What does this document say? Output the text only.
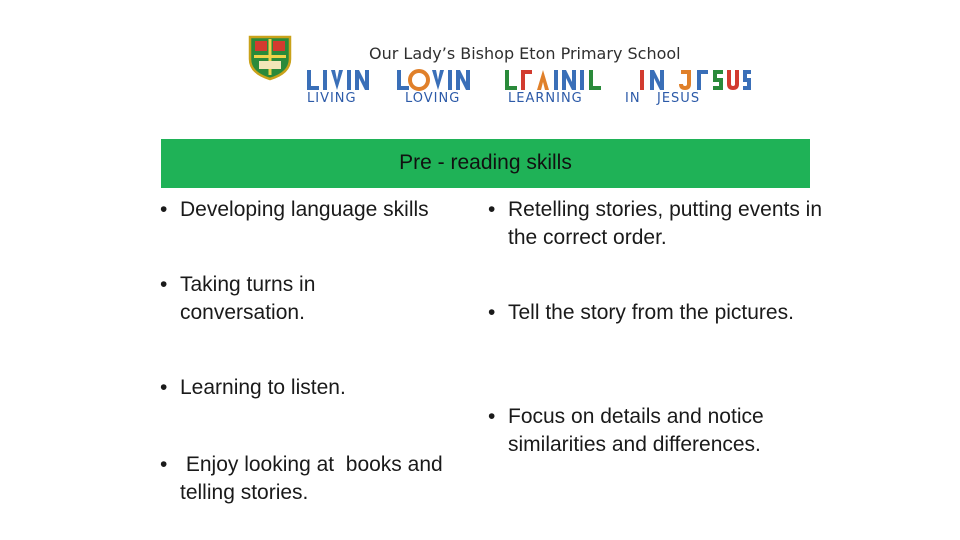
Our Lady’s Bishop Eton Primary School
LIVING	LOVING	LEARNING	IN JESUS
Pre - reading skills
• Developing language skills
• Taking turns in conversation.
• Learning to listen.
• Enjoy looking at  books and telling stories.
• Retelling stories, putting events in the correct order.
• Tell the story from the pictures.
• Focus on details and notice similarities and differences.
